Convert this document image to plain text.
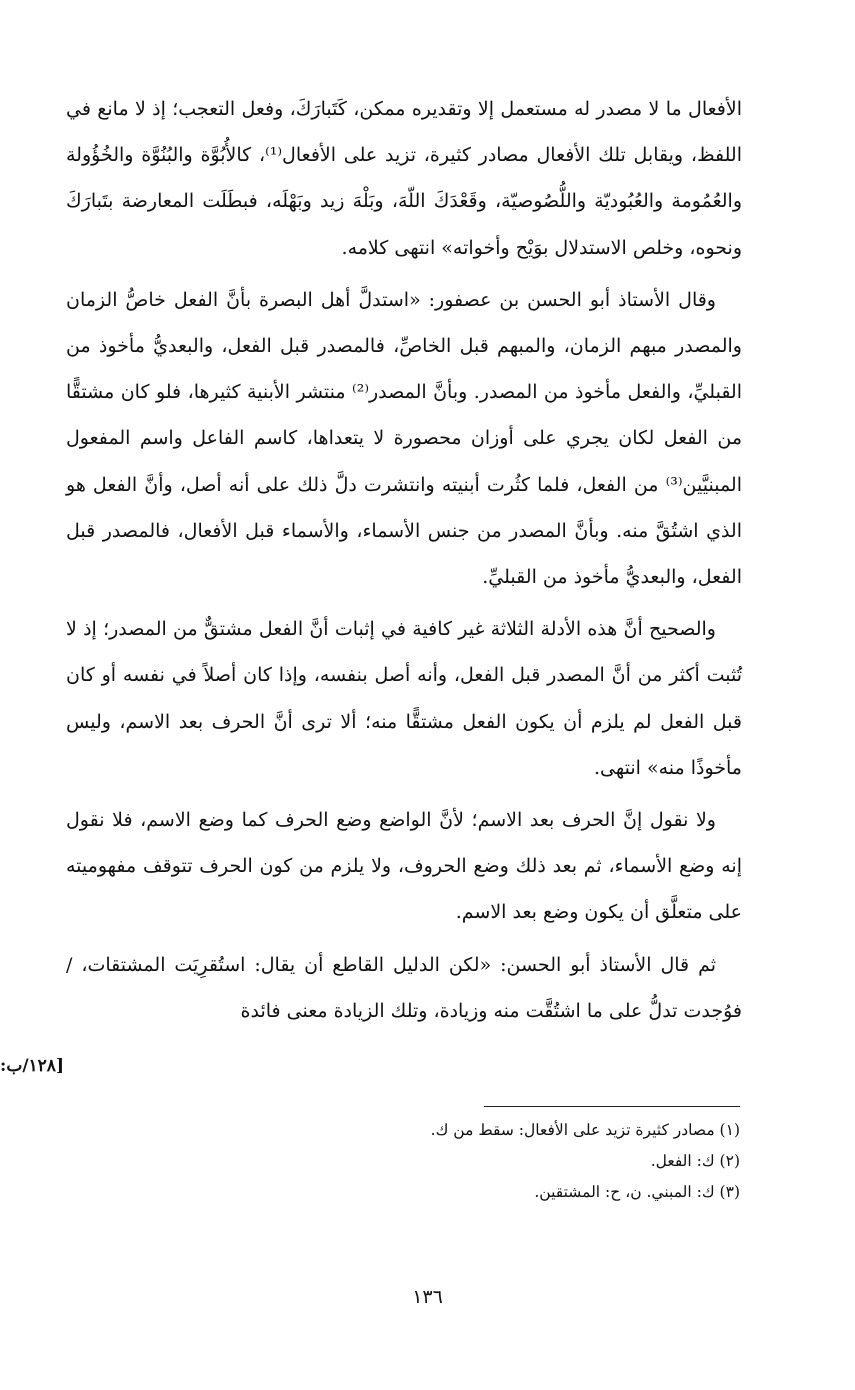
الأفعال ما لا مصدر له مستعمل إلا وتقديره ممكن، كَتَبارَكَ، وفعل التعجب؛ إذ لا مانع في اللفظ، ويقابل تلك الأفعال مصادر كثيرة، تزيد على الأفعال⁽¹⁾، كالأُبُوَّة والبُنُوَّة والخُؤُولة والعُمُومة والعُبُوديّة واللُّصُوصيّة، وقَعْدَكَ اللّهَ، وبَلْهَ زيد وبَهْلَه، فبطَلَت المعارضة بتَبارَكَ ونحوه، وخلص الاستدلال بوَيْح وأخواته» انتهى كلامه.

وقال الأستاذ أبو الحسن بن عصفور: «استدلَّ أهل البصرة بأنَّ الفعل خاصُّ الزمان والمصدر مبهم الزمان، والمبهم قبل الخاصِّ، فالمصدر قبل الفعل، والبعديُّ مأخوذ من القبليِّ، والفعل مأخوذ من المصدر. وبأنَّ المصدر⁽²⁾ منتشر الأبنية كثيرها، فلو كان مشتقًّا من الفعل لكان يجري على أوزان محصورة لا يتعداها، كاسم الفاعل واسم المفعول المبنيَّين⁽³⁾ من الفعل، فلما كثُرت أبنيته وانتشرت دلَّ ذلك على أنه أصل، وأنَّ الفعل هو الذي اشتُقَّ منه. وبأنَّ المصدر من جنس الأسماء، والأسماء قبل الأفعال، فالمصدر قبل الفعل، والبعديُّ مأخوذ من القبليِّ.

والصحيح أنَّ هذه الأدلة الثلاثة غير كافية في إثبات أنَّ الفعل مشتقٌّ من المصدر؛ إذ لا تُثبت أكثر من أنَّ المصدر قبل الفعل، وأنه أصل بنفسه، وإذا كان أصلاً في نفسه أو كان قبل الفعل لم يلزم أن يكون الفعل مشتقًّا منه؛ ألا ترى أنَّ الحرف بعد الاسم، وليس مأخوذًا منه» انتهى.

ولا نقول إنَّ الحرف بعد الاسم؛ لأنَّ الواضع وضع الحرف كما وضع الاسم، فلا نقول إنه وضع الأسماء، ثم بعد ذلك وضع الحروف، ولا يلزم من كون الحرف تتوقف مفهوميته على متعلَّق أن يكون وضع بعد الاسم.

ثم قال الأستاذ أبو الحسن: «لكن الدليل القاطع أن يقال: استُقرِيَت المشتقات، /فوُجدت تدلُّ على ما اشتُقَّت منه وزيادة، وتلك الزيادة معنى فائدة

[١٢٨/ب:

(١) مصادر كثيرة تزيد على الأفعال: سقط من ك.

(٢) ك: الفعل.

(٣) ك: المبني. ن، ح: المشتقين.

١٣٦
